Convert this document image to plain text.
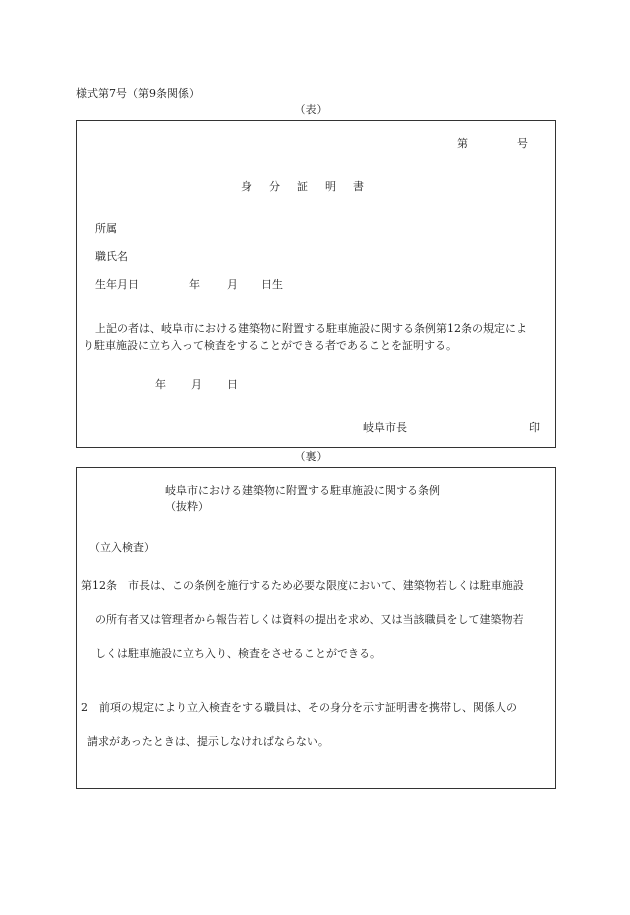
様式第7号（第9条関係）
（表）
第	号
身分証明書
所属
職氏名
生年月日	年 月 日生
上記の者は、岐阜市における建築物に附置する駐車施設に関する条例第12条の規定によ
り駐車施設に立ち入って検査をすることができる者であることを証明する。
年 月 日
岐阜市長	印
（裏）
岐阜市における建築物に附置する駐車施設に関する条例
（抜粋）
（立入検査）
第12条　市長は、この条例を施行するため必要な限度において、建築物若しくは駐車施設
の所有者又は管理者から報告若しくは資料の提出を求め、又は当該職員をして建築物若
しくは駐車施設に立ち入り、検査をさせることができる。
2　前項の規定により立入検査をする職員は、その身分を示す証明書を携帯し、関係人の
請求があったときは、提示しなければならない。
